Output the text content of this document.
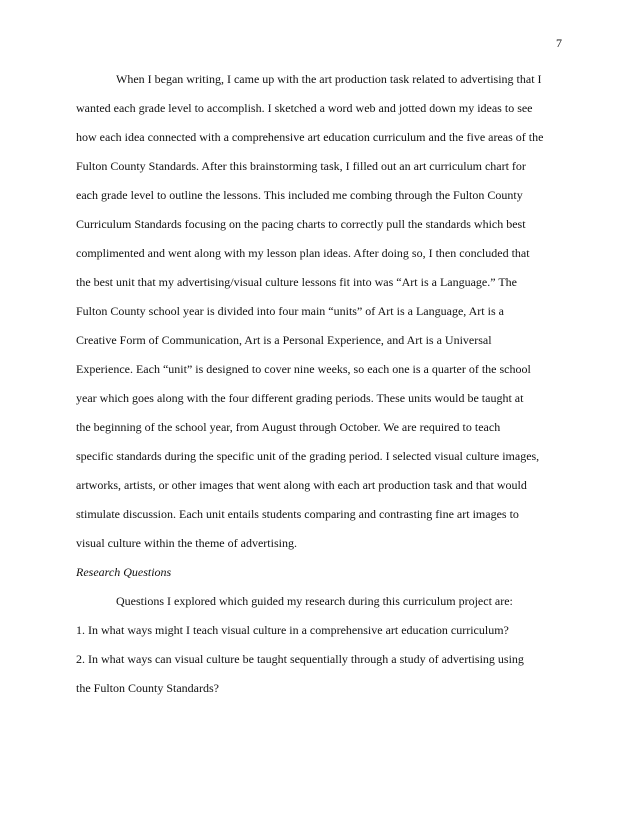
7
When I began writing, I came up with the art production task related to advertising that I
wanted each grade level to accomplish. I sketched a word web and jotted down my ideas to see
how each idea connected with a comprehensive art education curriculum and the five areas of the
Fulton County Standards. After this brainstorming task, I filled out an art curriculum chart for
each grade level to outline the lessons. This included me combing through the Fulton County
Curriculum Standards focusing on the pacing charts to correctly pull the standards which best
complimented and went along with my lesson plan ideas. After doing so, I then concluded that
the best unit that my advertising/visual culture lessons fit into was “Art is a Language.” The
Fulton County school year is divided into four main “units” of Art is a Language, Art is a
Creative Form of Communication, Art is a Personal Experience, and Art is a Universal
Experience. Each “unit” is designed to cover nine weeks, so each one is a quarter of the school
year which goes along with the four different grading periods. These units would be taught at
the beginning of the school year, from August through October. We are required to teach
specific standards during the specific unit of the grading period. I selected visual culture images,
artworks, artists, or other images that went along with each art production task and that would
stimulate discussion. Each unit entails students comparing and contrasting fine art images to
visual culture within the theme of advertising.
Research Questions
Questions I explored which guided my research during this curriculum project are:
1. In what ways might I teach visual culture in a comprehensive art education curriculum?
2. In what ways can visual culture be taught sequentially through a study of advertising using
the Fulton County Standards?
